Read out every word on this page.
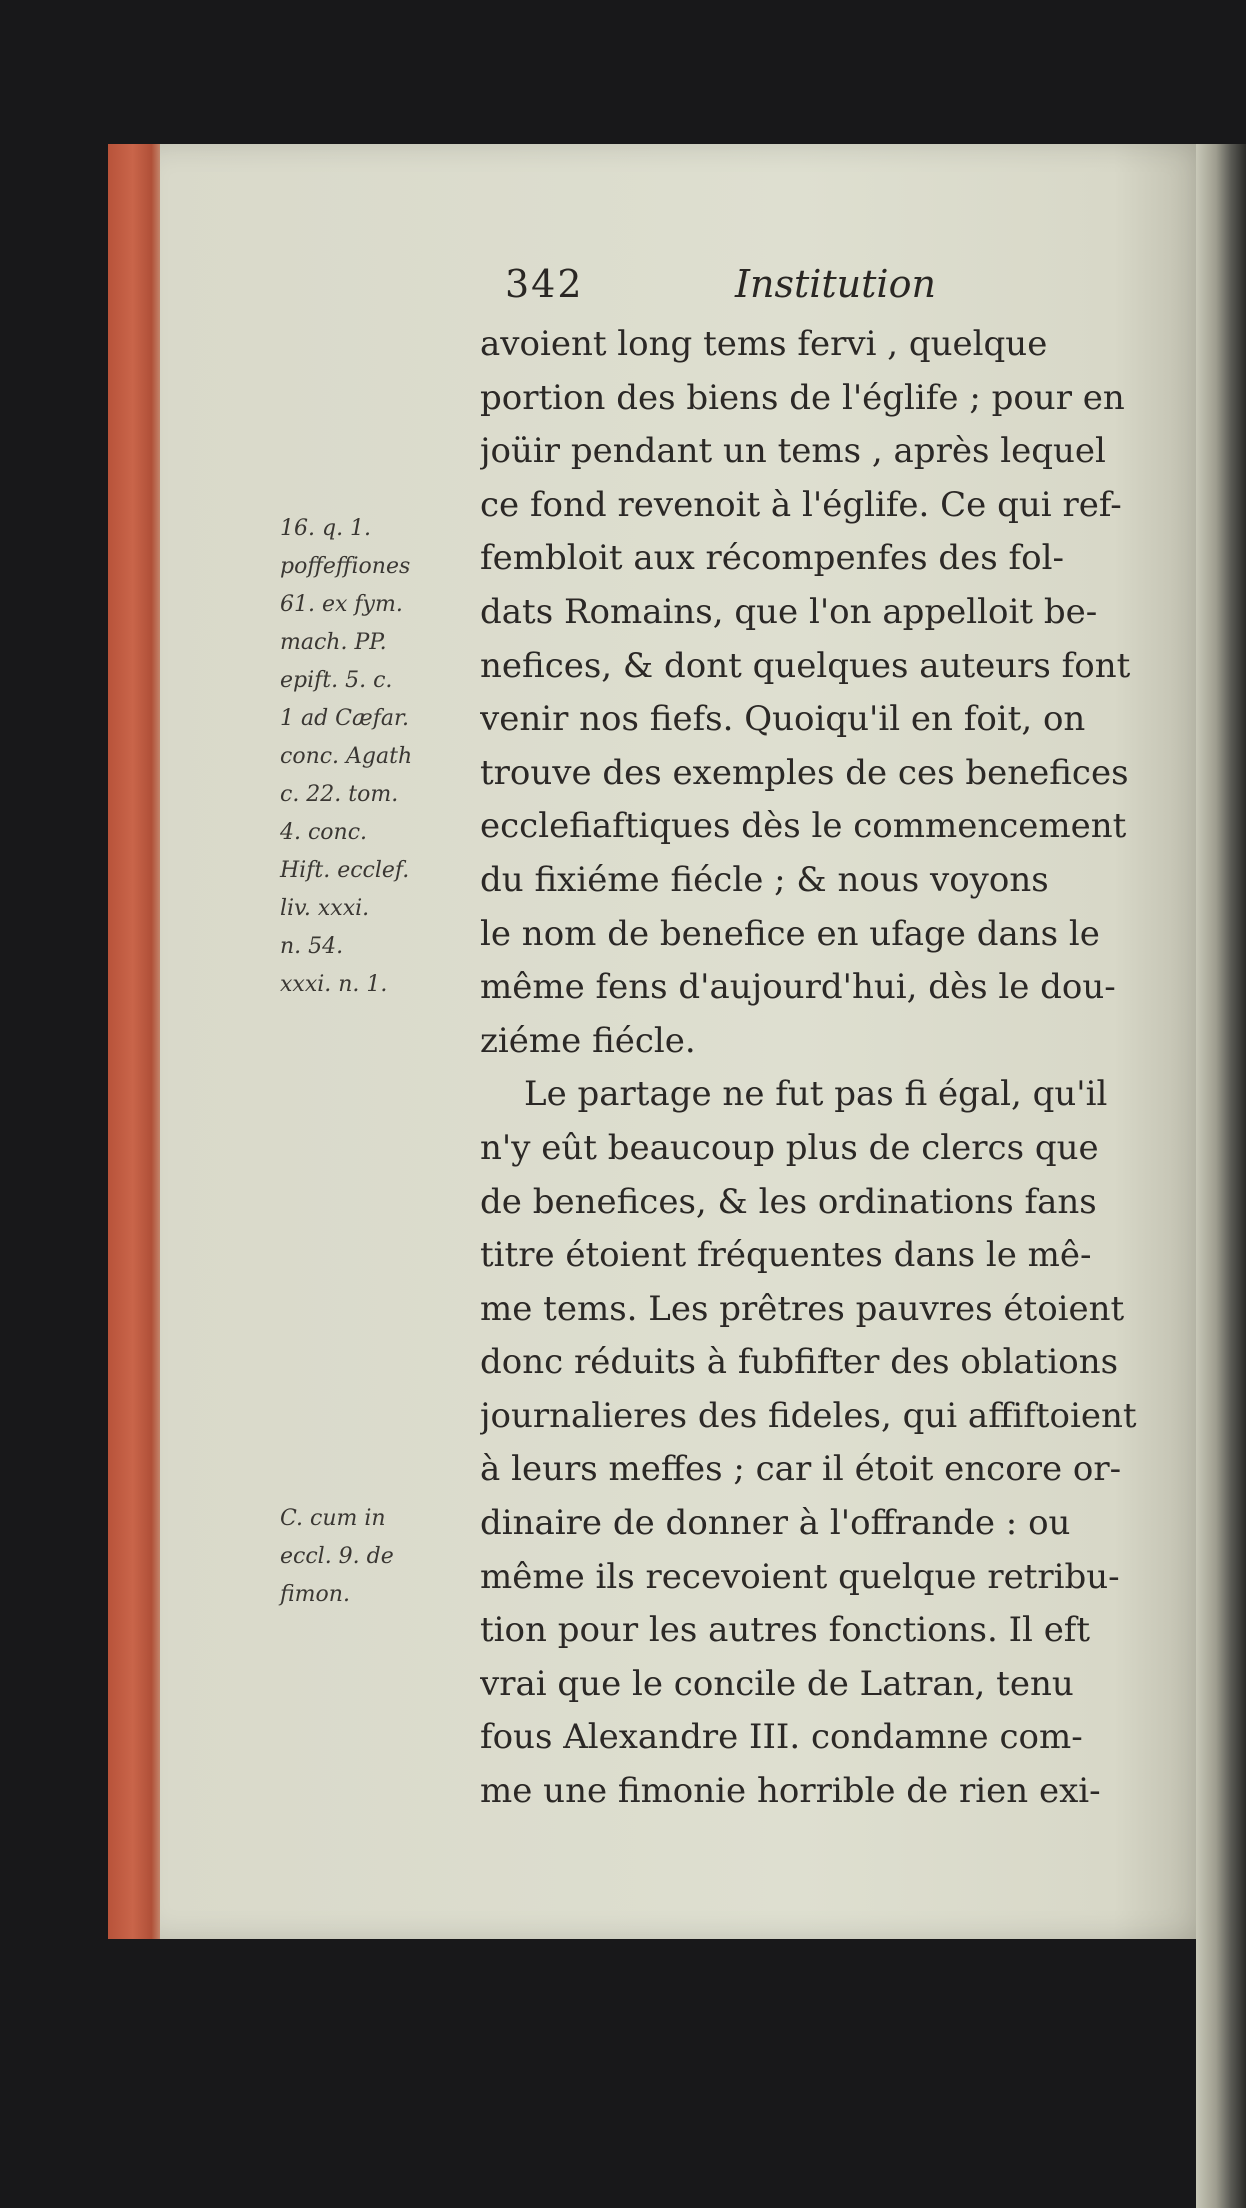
342	Institution
16. q. 1.
poffeffiones
61. ex fym.
mach. PP.
epift. 5. c.
1 ad Cæfar.
conc. Agath
c. 22. tom.
4. conc.
Hift. ecclef.
liv. xxxi.
n. 54.
xxxi. n. 1.
C. cum in
eccl. 9. de
fimon.
avoient long tems fervi , quelque
portion des biens de l'églife ; pour en
joüir pendant un tems , après lequel
ce fond revenoit à l'églife. Ce qui ref-
fembloit aux récompenfes des fol-
dats Romains, que l'on appelloit be-
nefices, & dont quelques auteurs font
venir nos fiefs. Quoiqu'il en foit, on
trouve des exemples de ces benefices
ecclefiaftiques dès le commencement
du fixiéme fiécle ; & nous voyons
le nom de benefice en ufage dans le
même fens d'aujourd'hui, dès le dou-
ziéme fiécle.
Le partage ne fut pas fi égal, qu'il
n'y eût beaucoup plus de clercs que
de benefices, & les ordinations fans
titre étoient fréquentes dans le mê-
me tems. Les prêtres pauvres étoient
donc réduits à fubfifter des oblations
journalieres des fideles, qui affiftoient
à leurs meffes ; car il étoit encore or-
dinaire de donner à l'offrande : ou
même ils recevoient quelque retribu-
tion pour les autres fonctions. Il eft
vrai que le concile de Latran, tenu
fous Alexandre III. condamne com-
me une fimonie horrible de rien exi-
